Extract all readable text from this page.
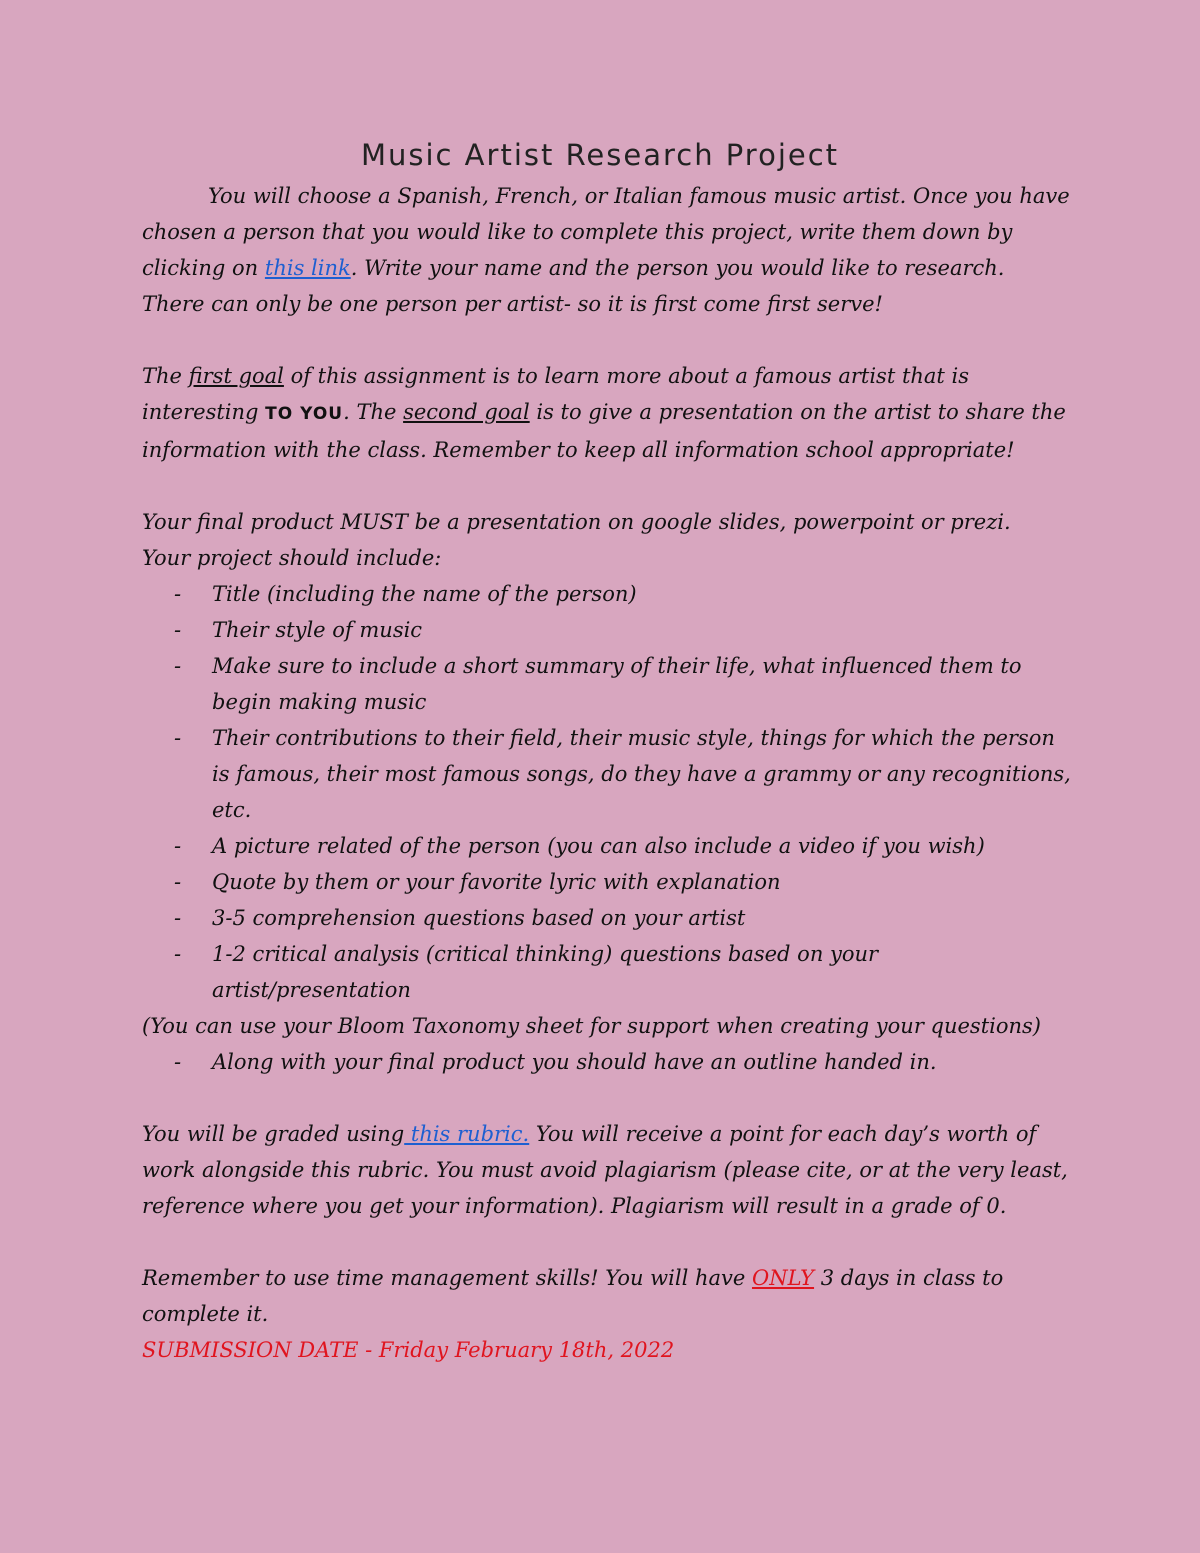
Music Artist Research Project

You will choose a Spanish, French, or Italian famous music artist. Once you have chosen a person that you would like to complete this project, write them down by clicking on this link. Write your name and the person you would like to research. There can only be one person per artist- so it is first come first serve!

The first goal of this assignment is to learn more about a famous artist that is interesting TO YOU. The second goal is to give a presentation on the artist to share the information with the class. Remember to keep all information school appropriate!

Your final product MUST be a presentation on google slides, powerpoint or prezi.

Your project should include:

- Title (including the name of the person)
- Their style of music
- Make sure to include a short summary of their life, what influenced them to begin making music
- Their contributions to their field, their music style, things for which the person is famous, their most famous songs, do they have a grammy or any recognitions, etc.
- A picture related of the person (you can also include a video if you wish)
- Quote by them or your favorite lyric with explanation
- 3-5 comprehension questions based on your artist
- 1-2 critical analysis (critical thinking) questions based on your artist/presentation

(You can use your Bloom Taxonomy sheet for support when creating your questions)

- Along with your final product you should have an outline handed in.

You will be graded using this rubric. You will receive a point for each day’s worth of work alongside this rubric. You must avoid plagiarism (please cite, or at the very least, reference where you get your information). Plagiarism will result in a grade of 0.

Remember to use time management skills! You will have ONLY 3 days in class to complete it.

SUBMISSION DATE - Friday February 18th, 2022
